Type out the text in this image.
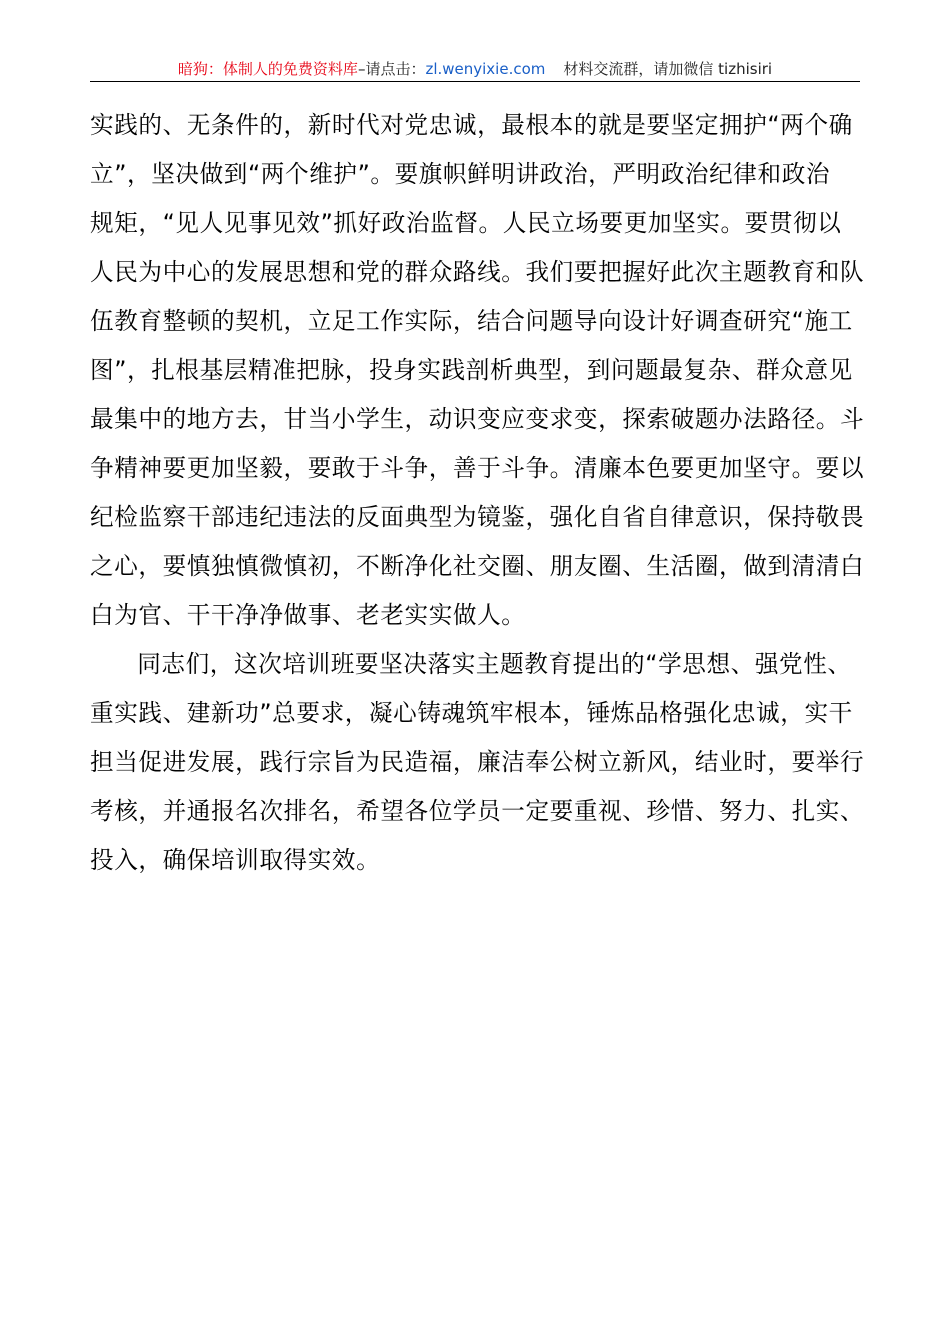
暗狗：体制人的免费资料库–请点击：zl.wenyixie.com 材料交流群，请加微信 tizhisiri

实践的、无条件的，新时代对党忠诚，最根本的就是要坚定拥护“两个确
立”，坚决做到“两个维护”。要旗帜鲜明讲政治，严明政治纪律和政治
规矩，“见人见事见效”抓好政治监督。人民立场要更加坚实。要贯彻以
人民为中心的发展思想和党的群众路线。我们要把握好此次主题教育和队
伍教育整顿的契机，立足工作实际，结合问题导向设计好调查研究“施工
图”，扎根基层精准把脉，投身实践剖析典型，到问题最复杂、群众意见
最集中的地方去，甘当小学生，动识变应变求变，探索破题办法路径。斗
争精神要更加坚毅，要敢于斗争，善于斗争。清廉本色要更加坚守。要以
纪检监察干部违纪违法的反面典型为镜鉴，强化自省自律意识，保持敬畏
之心，要慎独慎微慎初，不断净化社交圈、朋友圈、生活圈，做到清清白
白为官、干干净净做事、老老实实做人。

同志们，这次培训班要坚决落实主题教育提出的“学思想、强党性、
重实践、建新功”总要求，凝心铸魂筑牢根本，锤炼品格强化忠诚，实干
担当促进发展，践行宗旨为民造福，廉洁奉公树立新风，结业时，要举行
考核，并通报名次排名，希望各位学员一定要重视、珍惜、努力、扎实、
投入，确保培训取得实效。
